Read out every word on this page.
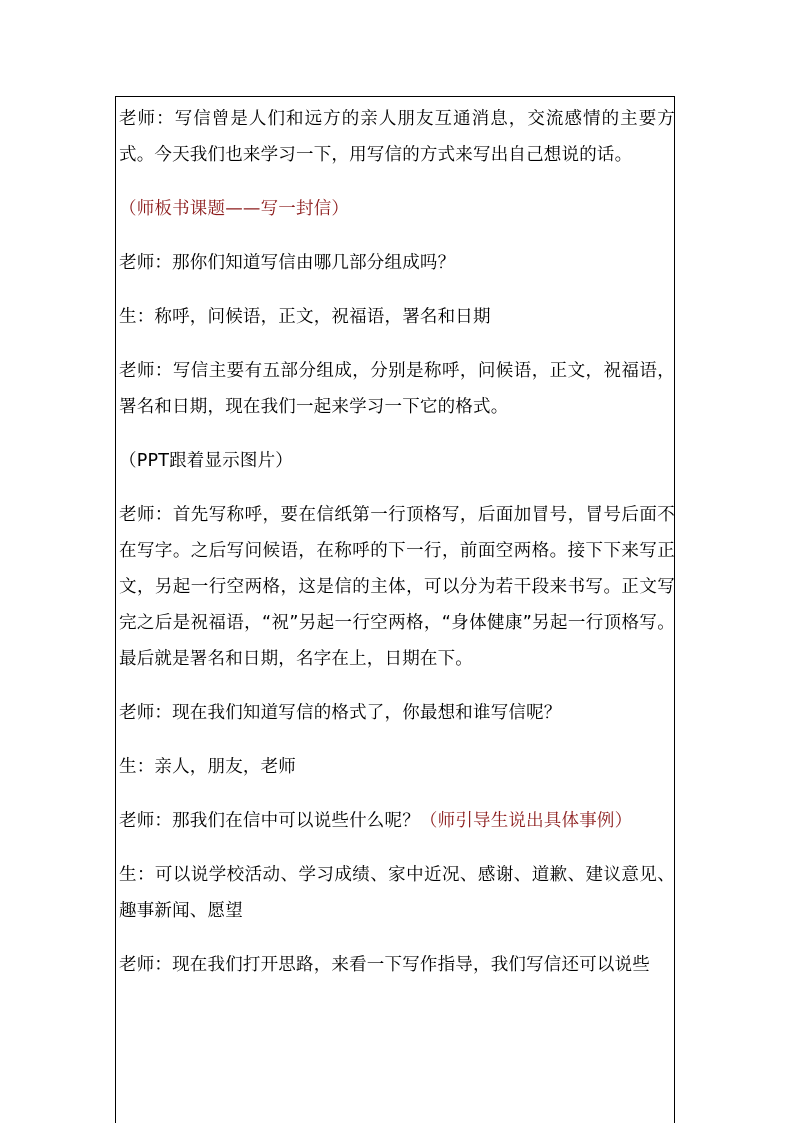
老师：写信曾是人们和远方的亲人朋友互通消息，交流感情的主要方式。今天我们也来学习一下，用写信的方式来写出自己想说的话。

（师板书课题——写一封信）

老师：那你们知道写信由哪几部分组成吗？

生：称呼，问候语，正文，祝福语，署名和日期

老师：写信主要有五部分组成，分别是称呼，问候语，正文，祝福语，署名和日期，现在我们一起来学习一下它的格式。

（PPT跟着显示图片）

老师：首先写称呼，要在信纸第一行顶格写，后面加冒号，冒号后面不在写字。之后写问候语，在称呼的下一行，前面空两格。接下下来写正文，另起一行空两格，这是信的主体，可以分为若干段来书写。正文写完之后是祝福语，“祝”另起一行空两格，“身体健康”另起一行顶格写。最后就是署名和日期，名字在上，日期在下。

老师：现在我们知道写信的格式了，你最想和谁写信呢？

生：亲人，朋友，老师

老师：那我们在信中可以说些什么呢？（师引导生说出具体事例）

生：可以说学校活动、学习成绩、家中近况、感谢、道歉、建议意见、趣事新闻、愿望

老师：现在我们打开思路，来看一下写作指导，我们写信还可以说些
